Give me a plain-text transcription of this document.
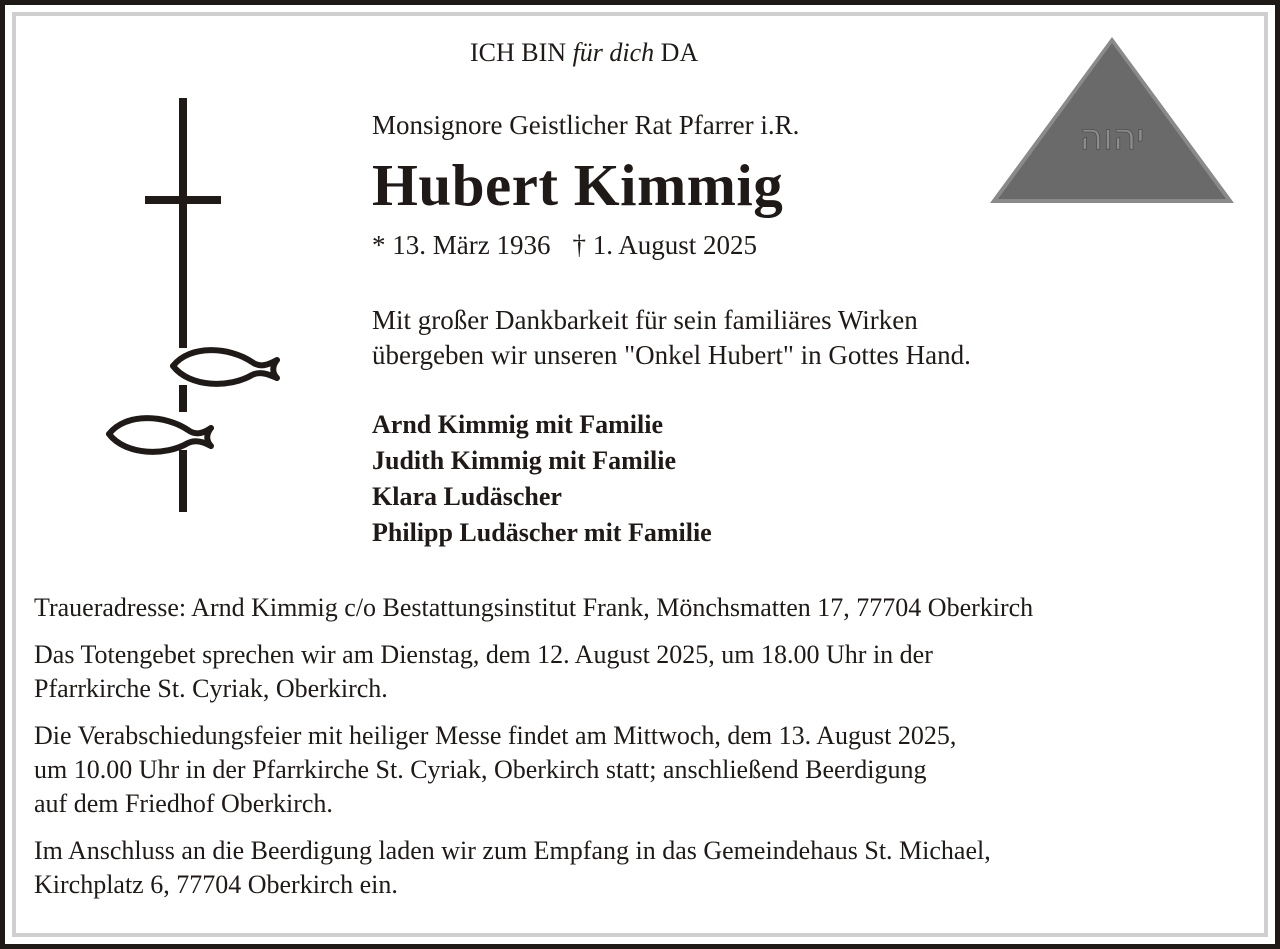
ICH BIN für dich DA
יהוה
Monsignore Geistlicher Rat Pfarrer i.R.
Hubert Kimmig
* 13. März 1936 † 1. August 2025
Mit großer Dankbarkeit für sein familiäres Wirken
übergeben wir unseren "Onkel Hubert" in Gottes Hand.
Arnd Kimmig mit Familie
Judith Kimmig mit Familie
Klara Ludäscher
Philipp Ludäscher mit Familie

Traueradresse: Arnd Kimmig c/o Bestattungsinstitut Frank, Mönchsmatten 17, 77704 Oberkirch

Das Totengebet sprechen wir am Dienstag, dem 12. August 2025, um 18.00 Uhr in der
Pfarrkirche St. Cyriak, Oberkirch.

Die Verabschiedungsfeier mit heiliger Messe findet am Mittwoch, dem 13. August 2025,
um 10.00 Uhr in der Pfarrkirche St. Cyriak, Oberkirch statt; anschließend Beerdigung
auf dem Friedhof Oberkirch.

Im Anschluss an die Beerdigung laden wir zum Empfang in das Gemeindehaus St. Michael,
Kirchplatz 6, 77704 Oberkirch ein.
